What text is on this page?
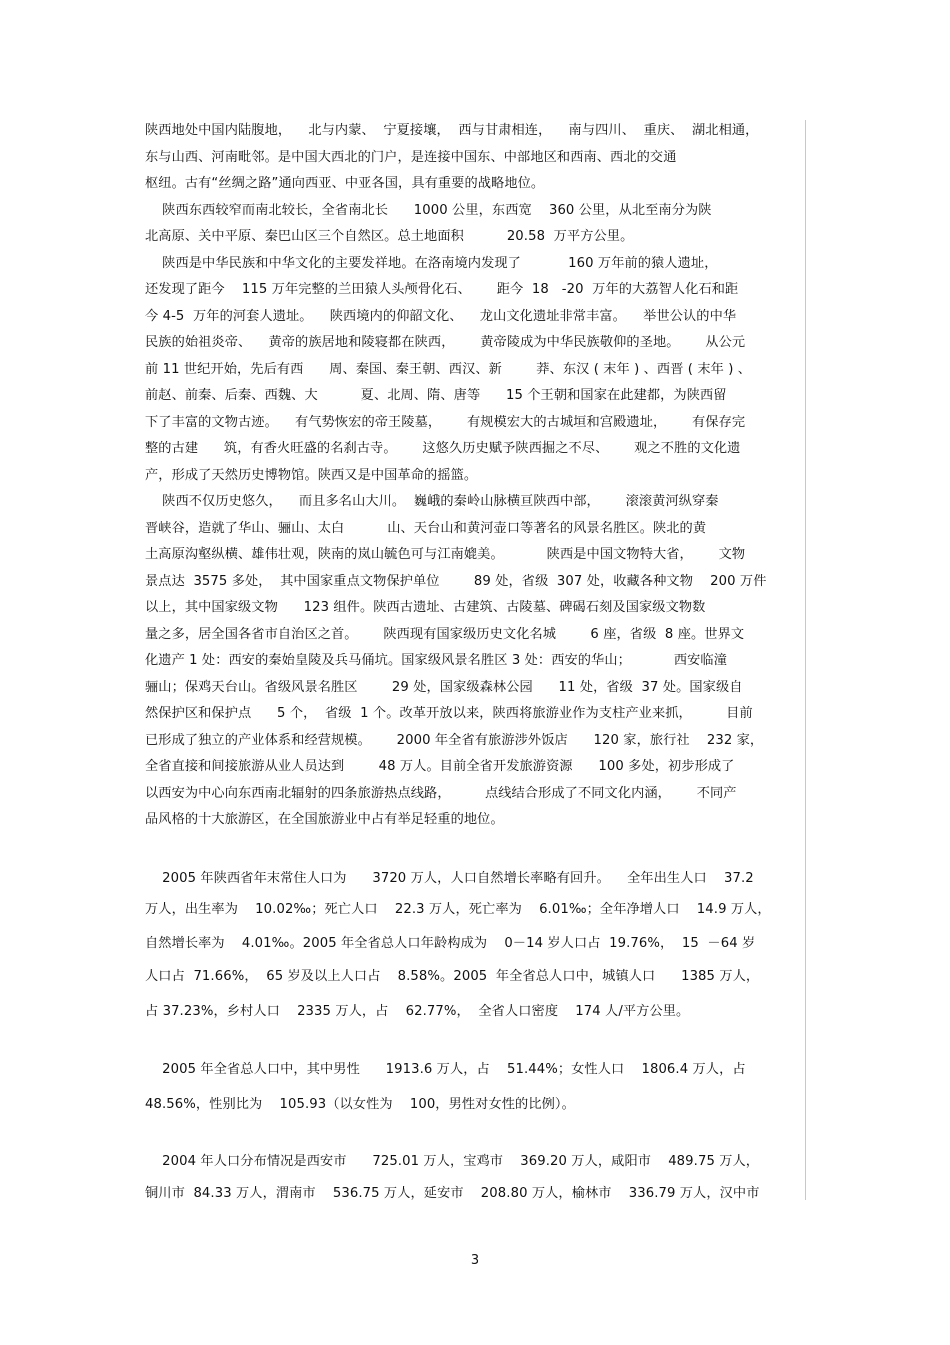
陕西地处中国内陆腹地，    北与内蒙、  宁夏接壤，  西与甘肃相连，    南与四川、  重庆、  湖北相通，
东与山西、河南毗邻。是中国大西北的门户，是连接中国东、中部地区和西南、西北的交通
枢纽。古有“丝绸之路”通向西亚、中亚各国，具有重要的战略地位。
陕西东西较窄而南北较长，全省南北长      1000 公里，东西宽    360 公里，从北至南分为陕
北高原、关中平原、秦巴山区三个自然区。总土地面积          20.58  万平方公里。
陕西是中华民族和中华文化的主要发祥地。在洛南境内发现了           160 万年前的猿人遗址，
还发现了距今    115 万年完整的兰田猿人头颅骨化石、      距今  18   -20  万年的大荔智人化石和距
今 4-5  万年的河套人遗址。    陕西境内的仰韶文化、    龙山文化遗址非常丰富。    举世公认的中华
民族的始祖炎帝、    黄帝的族居地和陵寝都在陕西，      黄帝陵成为中华民族敬仰的圣地。      从公元
前 11 世纪开始，先后有西      周、秦国、秦王朝、西汉、新        莽、东汉 ( 末年 ) 、西晋 ( 末年 ) 、
前赵、前秦、后秦、西魏、大          夏、北周、隋、唐等      15 个王朝和国家在此建都，为陕西留
下了丰富的文物古迹。    有气势恢宏的帝王陵墓，      有规模宏大的古城垣和宫殿遗址，      有保存完
整的古建      筑，有香火旺盛的名刹古寺。      这悠久历史赋予陕西掘之不尽、      观之不胜的文化遗
产，形成了天然历史博物馆。陕西又是中国革命的摇篮。
陕西不仅历史悠久，    而且多名山大川。  巍峨的秦岭山脉横亘陕西中部，      滚滚黄河纵穿秦
晋峡谷，造就了华山、骊山、太白          山、天台山和黄河壶口等著名的风景名胜区。陕北的黄
土高原沟壑纵横、雄伟壮观，陕南的岚山毓色可与江南媲美。          陕西是中国文物特大省，      文物
景点达  3575 多处，  其中国家重点文物保护单位        89 处，省级  307 处，收藏各种文物    200 万件
以上，其中国家级文物      123 组件。陕西古遗址、古建筑、古陵墓、碑碣石刻及国家级文物数
量之多，居全国各省市自治区之首。      陕西现有国家级历史文化名城        6 座，省级  8 座。世界文
化遗产 1 处：西安的秦始皇陵及兵马俑坑。国家级风景名胜区 3 处：西安的华山；          西安临潼
骊山；保鸡天台山。省级风景名胜区        29 处，国家级森林公园      11 处，省级  37 处。国家级自
然保护区和保护点      5 个，  省级  1 个。改革开放以来，陕西将旅游业作为支柱产业来抓，        目前
已形成了独立的产业体系和经营规模。      2000 年全省有旅游涉外饭店      120 家，旅行社    232 家，
全省直接和间接旅游从业人员达到        48 万人。目前全省开发旅游资源      100 多处，初步形成了
以西安为中心向东西南北辐射的四条旅游热点线路，        点线结合形成了不同文化内涵，      不同产
品风格的十大旅游区，在全国旅游业中占有举足轻重的地位。
2005 年陕西省年末常住人口为      3720 万人，人口自然增长率略有回升。    全年出生人口    37.2
万人，出生率为    10.02‰；死亡人口    22.3 万人，死亡率为    6.01‰；全年净增人口    14.9 万人，
自然增长率为    4.01‰。2005 年全省总人口年龄构成为    0－14 岁人口占  19.76%，  15  －64 岁
人口占  71.66%，  65 岁及以上人口占    8.58%。2005  年全省总人口中，城镇人口      1385 万人，
占 37.23%，乡村人口    2335 万人，占    62.77%，  全省人口密度    174 人/平方公里。
2005 年全省总人口中，其中男性      1913.6 万人，占    51.44%；女性人口    1806.4 万人，占
48.56%，性别比为    105.93（以女性为    100，男性对女性的比例）。
2004 年人口分布情况是西安市      725.01 万人，宝鸡市    369.20 万人，咸阳市    489.75 万人，
铜川市  84.33 万人，渭南市    536.75 万人，延安市    208.80 万人，榆林市    336.79 万人，汉中市
3
